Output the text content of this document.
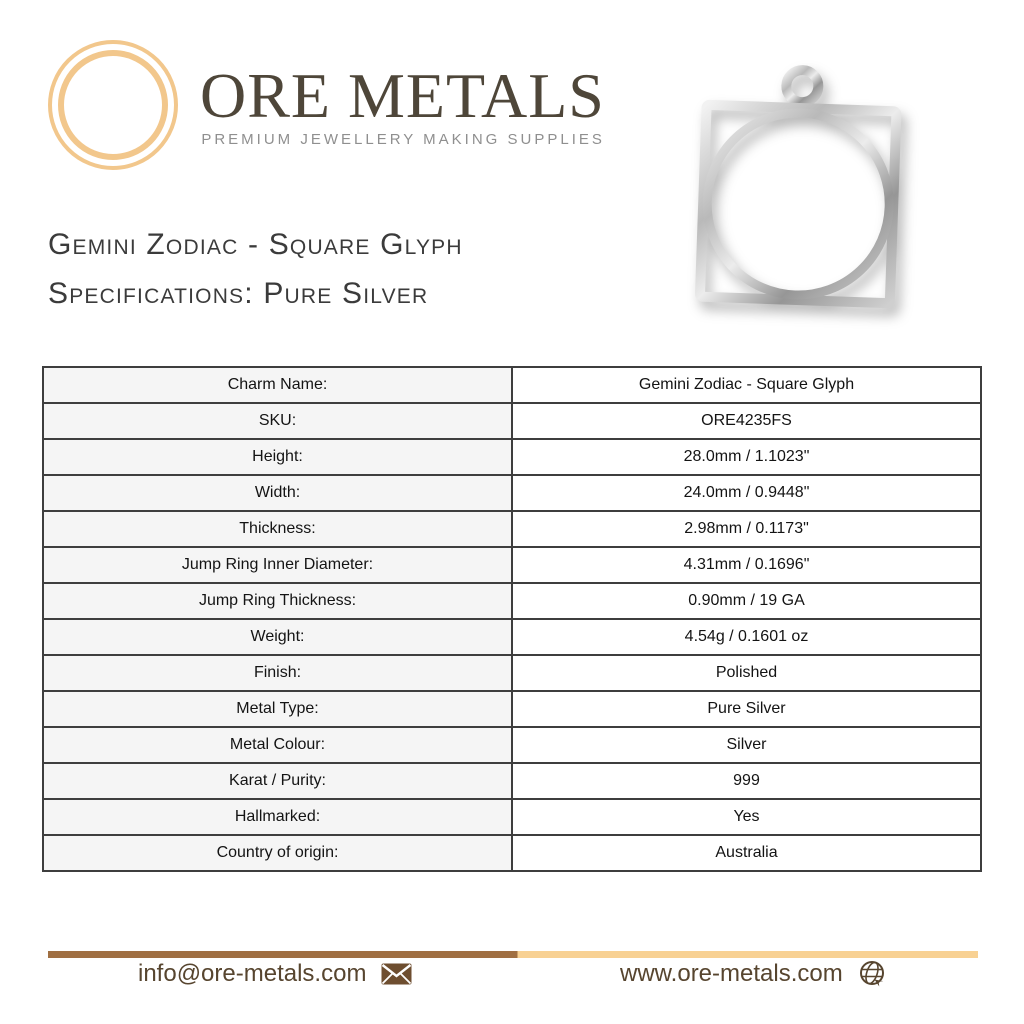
ORE METALS
PREMIUM JEWELLERY MAKING SUPPLIES
Gemini Zodiac - Square Glyph
Specifications: Pure Silver
Charm Name:	Gemini Zodiac - Square Glyph
SKU:	ORE4235FS
Height:	28.0mm / 1.1023"
Width:	24.0mm / 0.9448"
Thickness:	2.98mm / 0.1173"
Jump Ring Inner Diameter:	4.31mm / 0.1696"
Jump Ring Thickness:	0.90mm / 19 GA
Weight:	4.54g / 0.1601 oz
Finish:	Polished
Metal Type:	Pure Silver
Metal Colour:	Silver
Karat / Purity:	999
Hallmarked:	Yes
Country of origin:	Australia
info@ore-metals.com	www.ore-metals.com
